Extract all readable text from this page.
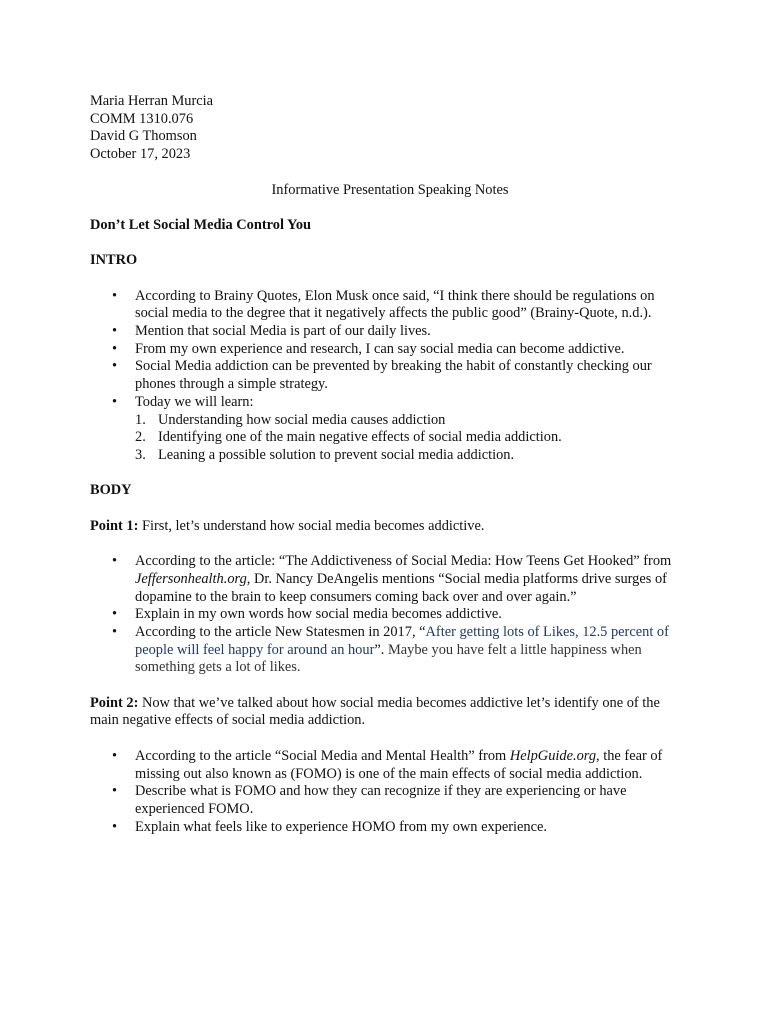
Maria Herran Murcia

COMM 1310.076

David G Thomson

October 17, 2023

Informative Presentation Speaking Notes

Don’t Let Social Media Control You

INTRO

• According to Brainy Quotes, Elon Musk once said, “I think there should be regulations on social media to the degree that it negatively affects the public good” (Brainy-Quote, n.d.).
• Mention that social Media is part of our daily lives.
• From my own experience and research, I can say social media can become addictive.
• Social Media addiction can be prevented by breaking the habit of constantly checking our phones through a simple strategy.
• Today we will learn:
1. Understanding how social media causes addiction
2. Identifying one of the main negative effects of social media addiction.
3. Leaning a possible solution to prevent social media addiction.

BODY

Point 1: First, let’s understand how social media becomes addictive.

• According to the article: “The Addictiveness of Social Media: How Teens Get Hooked” from Jeffersonhealth.org, Dr. Nancy DeAngelis mentions “Social media platforms drive surges of dopamine to the brain to keep consumers coming back over and over again.”
• Explain in my own words how social media becomes addictive.
• According to the article New Statesmen in 2017, “After getting lots of Likes, 12.5 percent of people will feel happy for around an hour”. Maybe you have felt a little happiness when something gets a lot of likes.

Point 2: Now that we’ve talked about how social media becomes addictive let’s identify one of the main negative effects of social media addiction.

• According to the article “Social Media and Mental Health” from HelpGuide.org, the fear of missing out also known as (FOMO) is one of the main effects of social media addiction.
• Describe what is FOMO and how they can recognize if they are experiencing or have experienced FOMO.
• Explain what feels like to experience HOMO from my own experience.
